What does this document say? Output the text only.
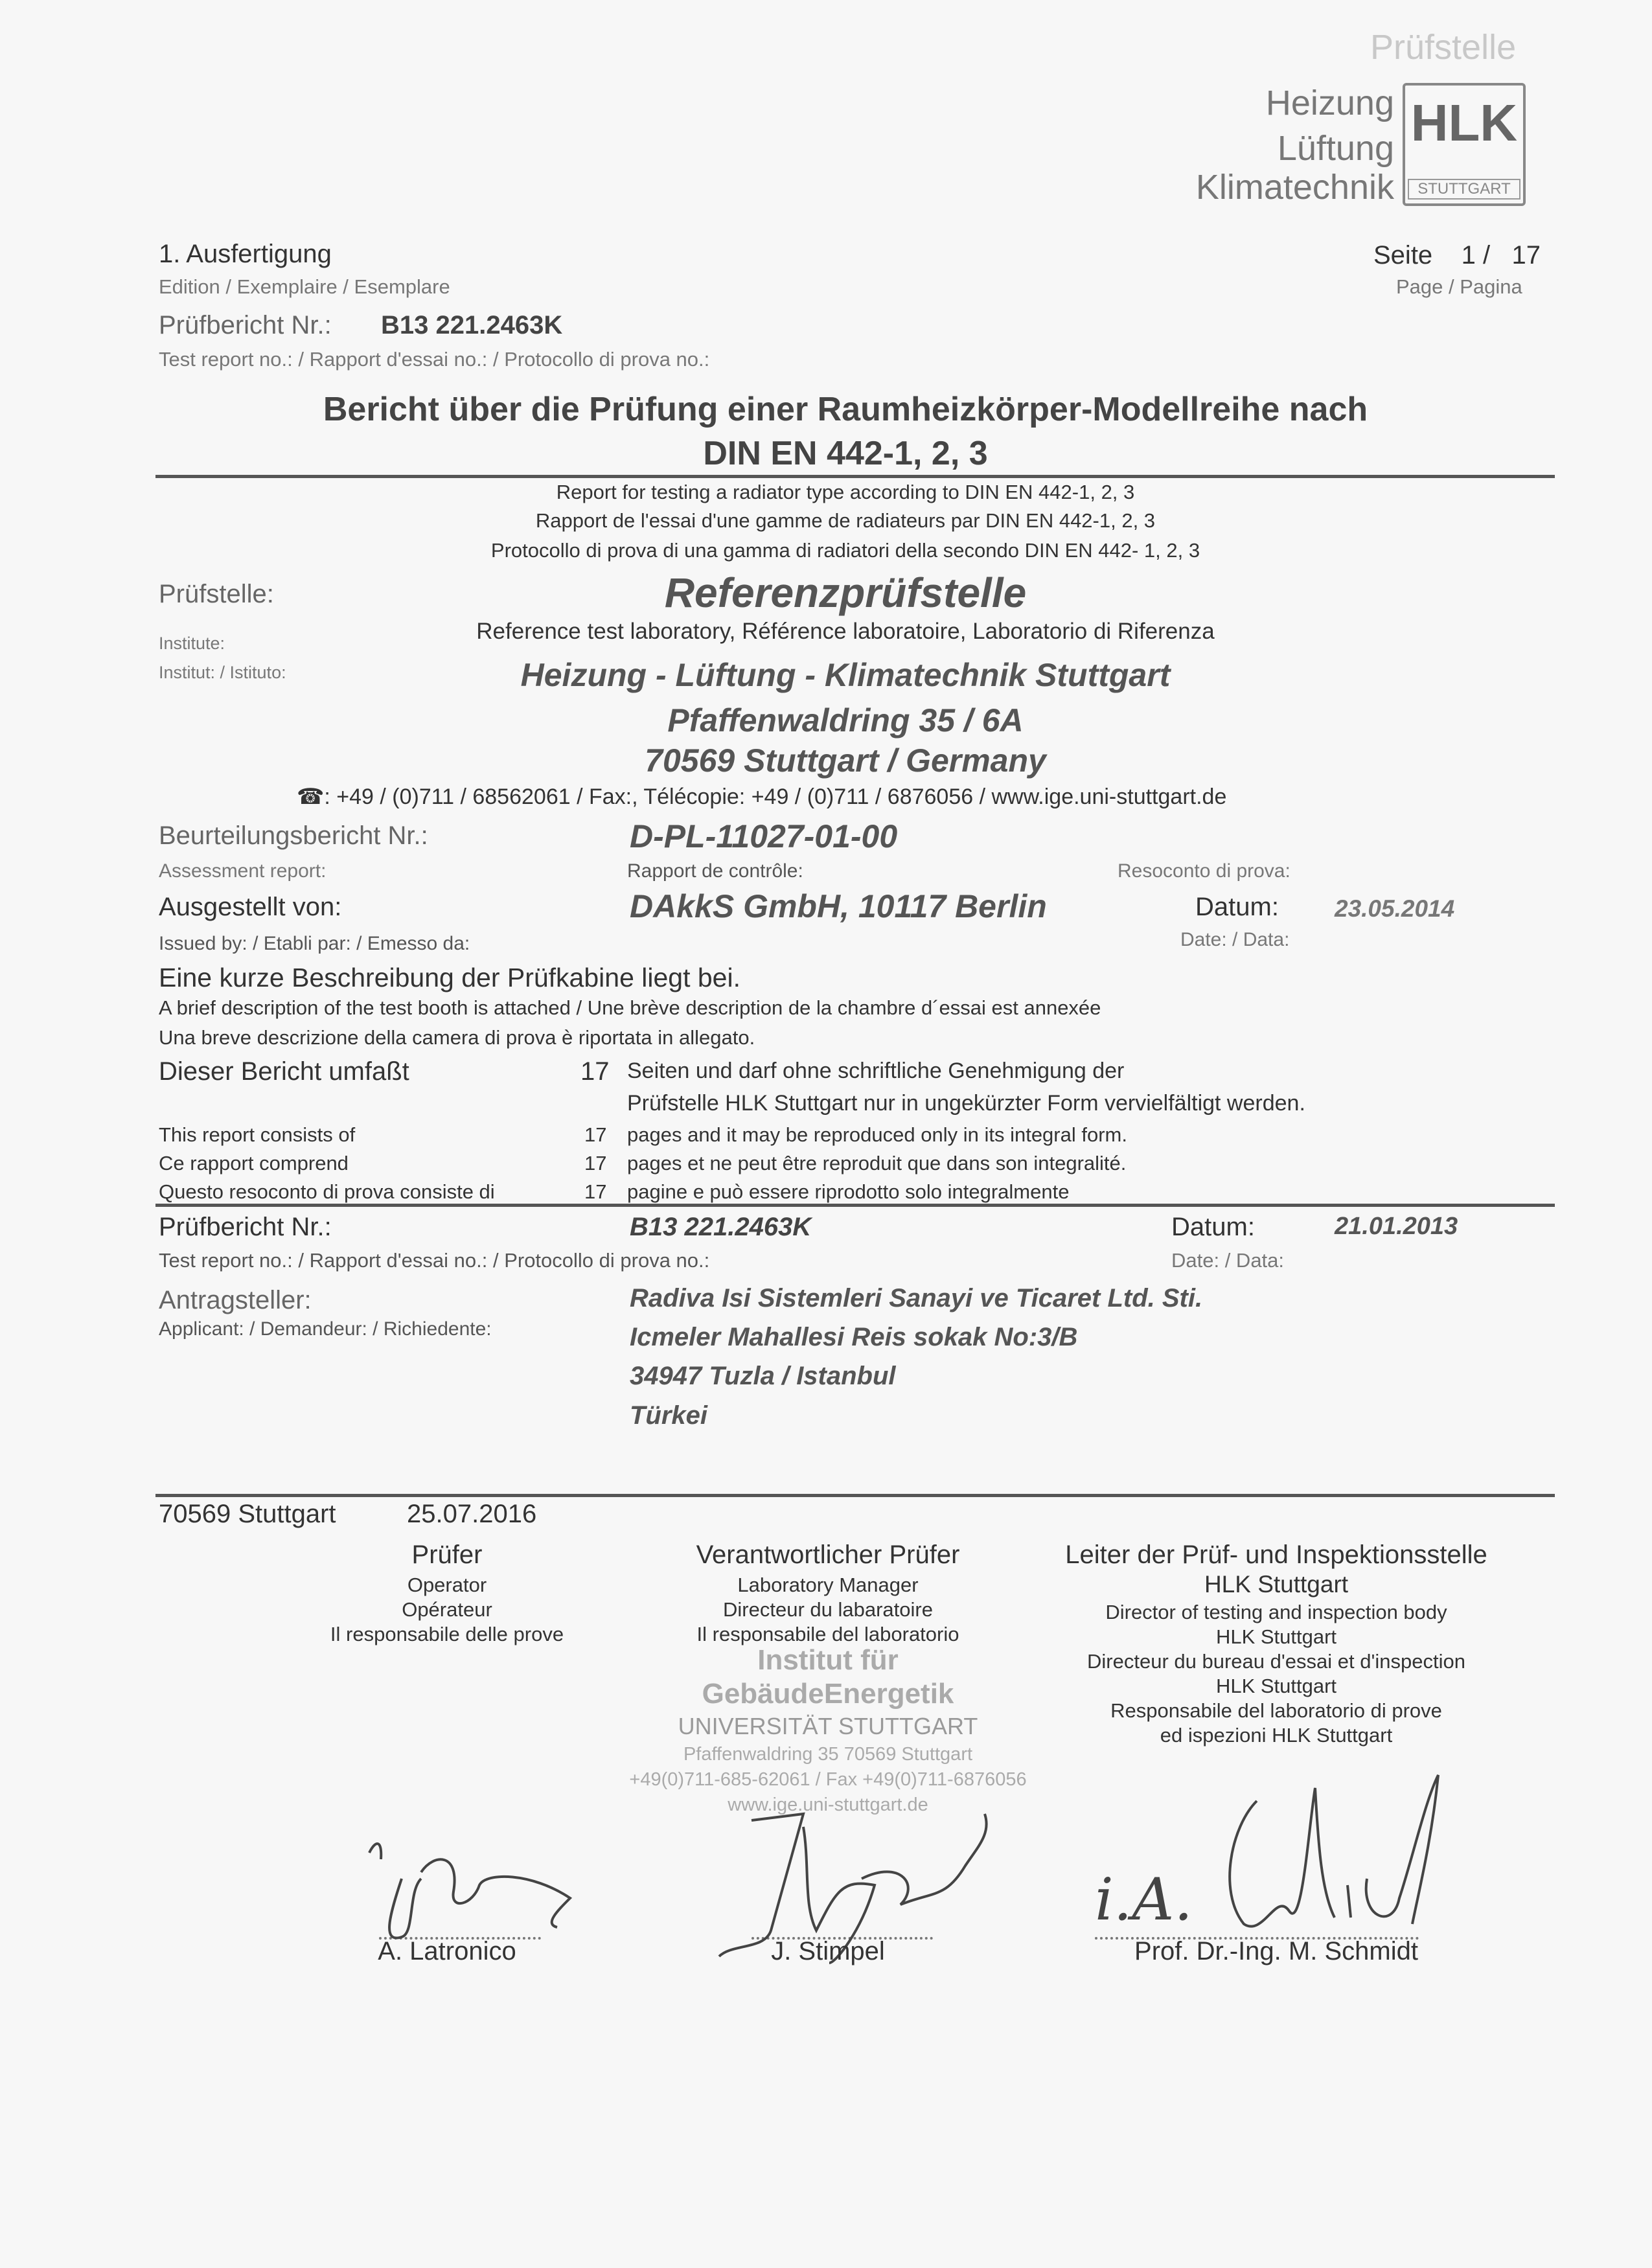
Prüfstelle
Heizung
Lüftung
Klimatechnik
HLK
STUTTGART
1. Ausfertigung
Edition / Exemplaire / Esemplare
Seite 1 / 17
Page / Pagina
Prüfbericht Nr.: B13 221.2463K
Test report no.: / Rapport d'essai no.: / Protocollo di prova no.:
Bericht über die Prüfung einer Raumheizkörper-Modellreihe nach
DIN EN 442-1, 2, 3
Report for testing a radiator type according to DIN EN 442-1, 2, 3
Rapport de l'essai d'une gamme de radiateurs par DIN EN 442-1, 2, 3
Protocollo di prova di una gamma di radiatori della secondo DIN EN 442- 1, 2, 3
Prüfstelle:
Institute:
Institut: / Istituto:
Referenzprüfstelle
Reference test laboratory, Référence laboratoire, Laboratorio di Riferenza
Heizung - Lüftung - Klimatechnik Stuttgart
Pfaffenwaldring 35 / 6A
70569 Stuttgart / Germany
☎: +49 / (0)711 / 68562061 / Fax:, Télécopie: +49 / (0)711 / 6876056 / www.ige.uni-stuttgart.de
Beurteilungsbericht Nr.:	D-PL-11027-01-00
Assessment report:	Rapport de contrôle:	Resoconto di prova:
Ausgestellt von:	DAkkS GmbH, 10117 Berlin	Datum: 23.05.2014
Issued by: / Etabli par: / Emesso da:	Date: / Data:
Eine kurze Beschreibung der Prüfkabine liegt bei.
A brief description of the test booth is attached / Une brève description de la chambre d´essai est annexée
Una breve descrizione della camera di prova è riportata in allegato.
Dieser Bericht umfaßt	17 Seiten und darf ohne schriftliche Genehmigung der
Prüfstelle HLK Stuttgart nur in ungekürzter Form vervielfältigt werden.
This report consists of	17 pages and it may be reproduced only in its integral form.
Ce rapport comprend	17 pages et ne peut être reproduit que dans son integralité.
Questo resoconto di prova consiste di	17 pagine e può essere riprodotto solo integralmente
Prüfbericht Nr.:	B13 221.2463K	Datum:	21.01.2013
Test report no.: / Rapport d'essai no.: / Protocollo di prova no.:	Date: / Data:
Antragsteller:
Applicant: / Demandeur: / Richiedente:
Radiva Isi Sistemleri Sanayi ve Ticaret Ltd. Sti.
Icmeler Mahallesi Reis sokak No:3/B
34947 Tuzla / Istanbul
Türkei
70569 Stuttgart	25.07.2016
Prüfer
Operator
Opérateur
Il responsabile delle prove
Verantwortlicher Prüfer
Laboratory Manager
Directeur du labaratoire
Il responsabile del laboratorio
Institut für
GebäudeEnergetik
UNIVERSITÄT STUTTGART
Pfaffenwaldring 35 70569 Stuttgart
+49(0)711-685-62061 / Fax +49(0)711-6876056
www.ige.uni-stuttgart.de
Leiter der Prüf- und Inspektionsstelle
HLK Stuttgart
Director of testing and inspection body
HLK Stuttgart
Directeur du bureau d'essai et d'inspection
HLK Stuttgart
Responsabile del laboratorio di prove
ed ispezioni HLK Stuttgart
i.A.
A. Latronico	J. Stimpel	Prof. Dr.-Ing. M. Schmidt
